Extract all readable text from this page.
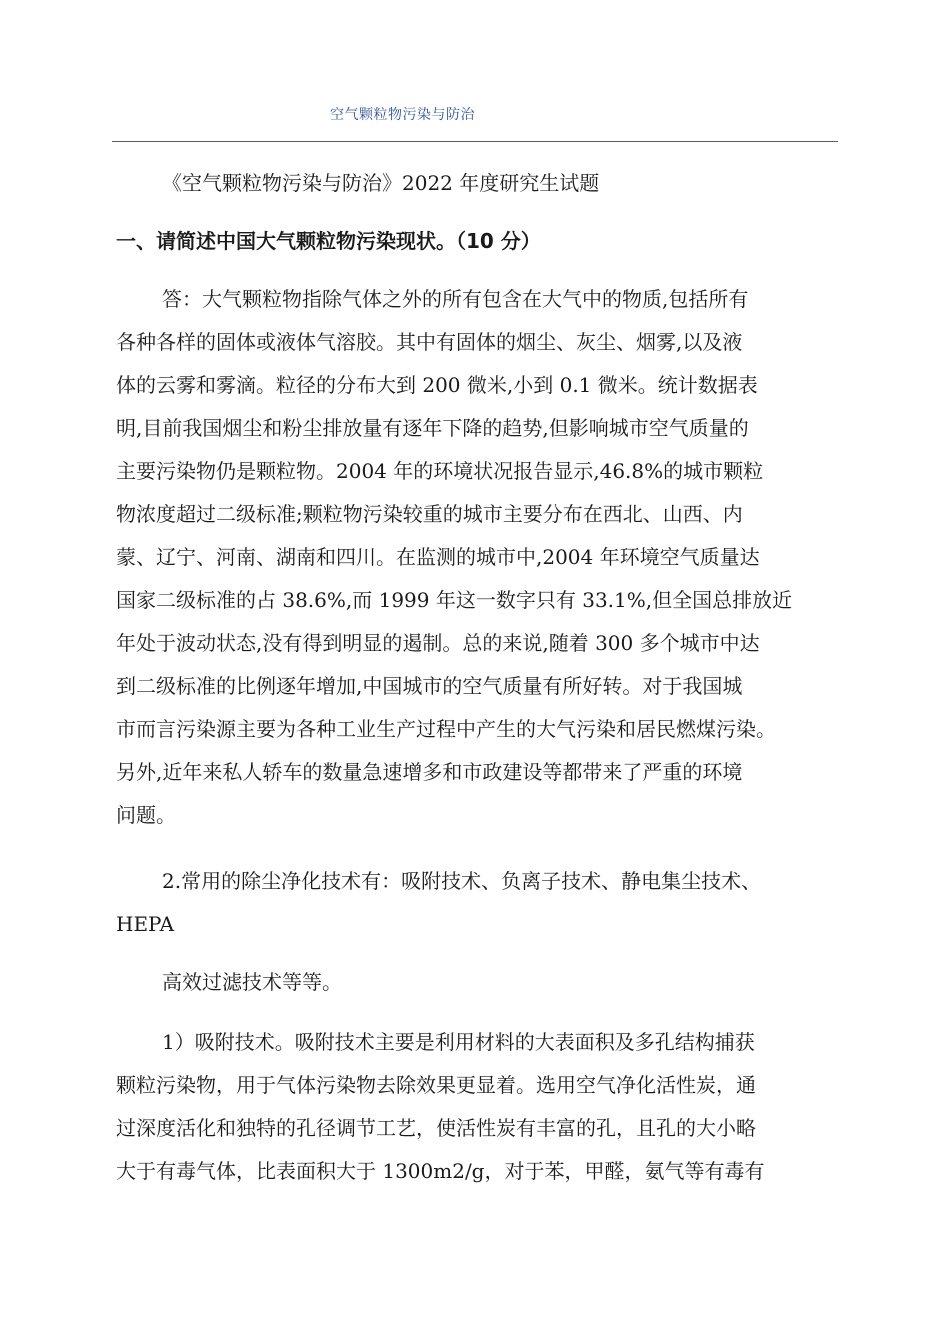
空气颗粒物污染与防治
《空气颗粒物污染与防治》2022 年度研究生试题
一、请简述中国大气颗粒物污染现状。（10 分）
答：大气颗粒物指除气体之外的所有包含在大气中的物质,包括所有
各种各样的固体或液体气溶胶。其中有固体的烟尘、灰尘、烟雾,以及液
体的云雾和雾滴。粒径的分布大到 200 微米,小到 0.1 微米。统计数据表
明,目前我国烟尘和粉尘排放量有逐年下降的趋势,但影响城市空气质量的
主要污染物仍是颗粒物。2004 年的环境状况报告显示,46.8%的城市颗粒
物浓度超过二级标准;颗粒物污染较重的城市主要分布在西北、山西、内
蒙、辽宁、河南、湖南和四川。在监测的城市中,2004 年环境空气质量达
国家二级标准的占 38.6%,而 1999 年这一数字只有 33.1%,但全国总排放近
年处于波动状态,没有得到明显的遏制。总的来说,随着 300 多个城市中达
到二级标准的比例逐年增加,中国城市的空气质量有所好转。对于我国城
市而言污染源主要为各种工业生产过程中产生的大气污染和居民燃煤污染。
另外,近年来私人轿车的数量急速增多和市政建设等都带来了严重的环境
问题。
2.常用的除尘净化技术有：吸附技术、负离子技术、静电集尘技术、
HEPA
高效过滤技术等等。
1）吸附技术。吸附技术主要是利用材料的大表面积及多孔结构捕获
颗粒污染物，用于气体污染物去除效果更显着。选用空气净化活性炭，通
过深度活化和独特的孔径调节工艺，使活性炭有丰富的孔，且孔的大小略
大于有毒气体，比表面积大于 1300m2/g，对于苯，甲醛，氨气等有毒有
